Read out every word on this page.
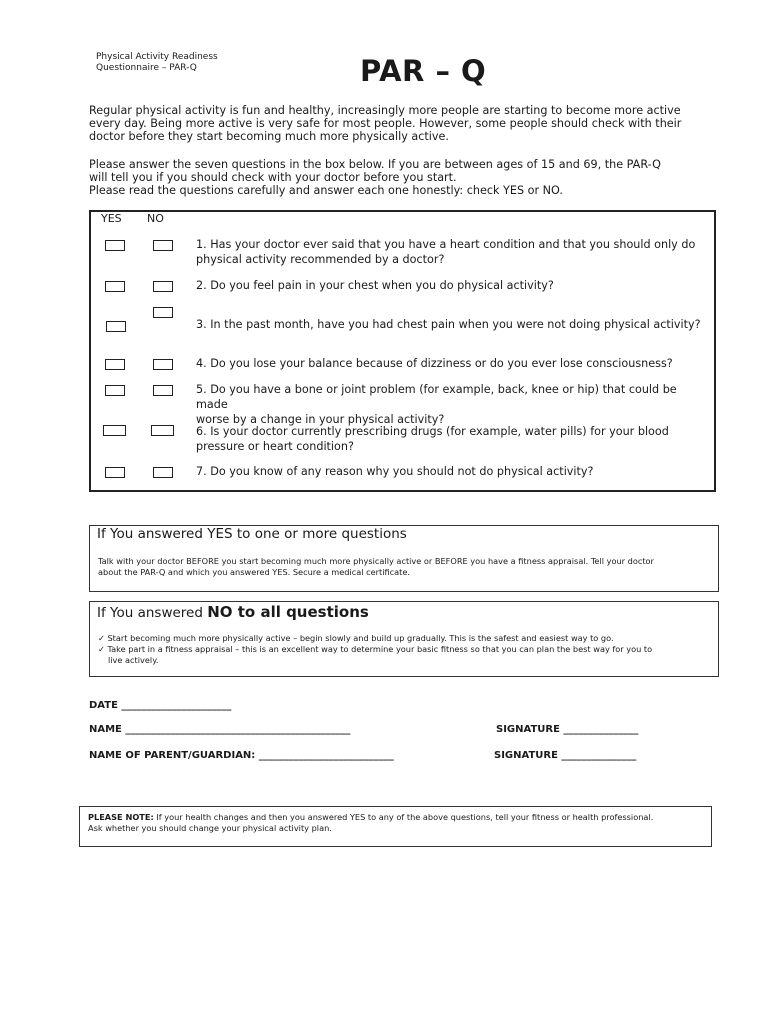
Physical Activity Readiness
Questionnaire – PAR-Q	PAR – Q
Regular physical activity is fun and healthy, increasingly more people are starting to become more active
every day. Being more active is very safe for most people. However, some people should check with their
doctor before they start becoming much more physically active.
Please answer the seven questions in the box below. If you are between ages of 15 and 69, the PAR-Q
will tell you if you should check with your doctor before you start.
Please read the questions carefully and answer each one honestly: check YES or NO.
YES NO
1. Has your doctor ever said that you have a heart condition and that you should only do
physical activity recommended by a doctor?
2. Do you feel pain in your chest when you do physical activity?
3. In the past month, have you had chest pain when you were not doing physical activity?
4. Do you lose your balance because of dizziness or do you ever lose consciousness?
5. Do you have a bone or joint problem (for example, back, knee or hip) that could be made
worse by a change in your physical activity?
6. Is your doctor currently prescribing drugs (for example, water pills) for your blood
pressure or heart condition?
7. Do you know of any reason why you should not do physical activity?
If You answered YES to one or more questions
Talk with your doctor BEFORE you start becoming much more physically active or BEFORE you have a fitness appraisal. Tell your doctor
about the PAR-Q and which you answered YES. Secure a medical certificate.
If You answered NO to all questions
✓ Start becoming much more physically active – begin slowly and build up gradually. This is the safest and easiest way to go.
✓ Take part in a fitness appraisal – this is an excellent way to determine your basic fitness so that you can plan the best way for you to
live actively.
DATE ______________________
NAME _____________________________________________	SIGNATURE _______________
NAME OF PARENT/GUARDIAN: ___________________________	SIGNATURE _______________
PLEASE NOTE: If your health changes and then you answered YES to any of the above questions, tell your fitness or health professional.
Ask whether you should change your physical activity plan.
